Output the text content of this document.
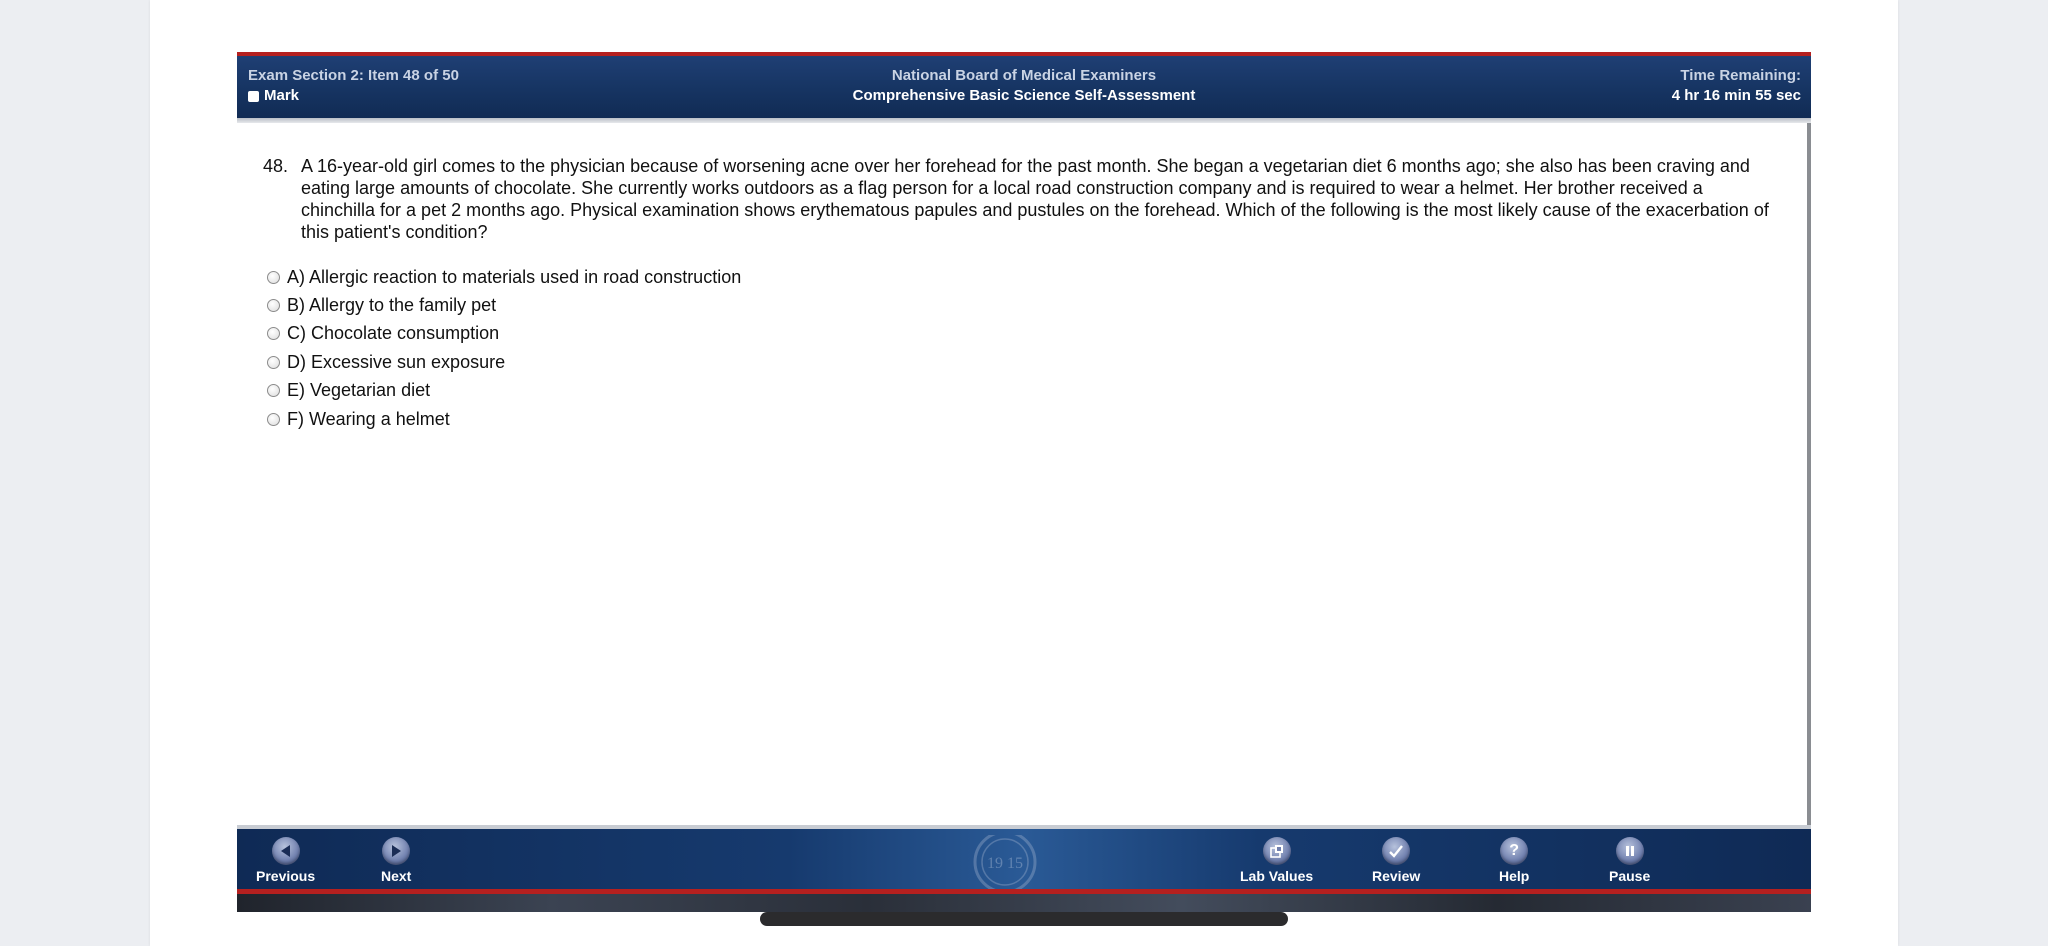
Exam Section 2: Item 48 of 50
Mark
National Board of Medical Examiners
Comprehensive Basic Science Self-Assessment
Time Remaining:
4 hr 16 min 55 sec
48. A 16-year-old girl comes to the physician because of worsening acne over her forehead for the past month. She began a vegetarian diet 6 months ago; she also has been craving and eating large amounts of chocolate. She currently works outdoors as a flag person for a local road construction company and is required to wear a helmet. Her brother received a chinchilla for a pet 2 months ago. Physical examination shows erythematous papules and pustules on the forehead. Which of the following is the most likely cause of the exacerbation of this patient's condition?
A) Allergic reaction to materials used in road construction
B) Allergy to the family pet
C) Chocolate consumption
D) Excessive sun exposure
E) Vegetarian diet
F) Wearing a helmet
19 15
Previous	Next	Lab Values	Review
?
Help	Pause
